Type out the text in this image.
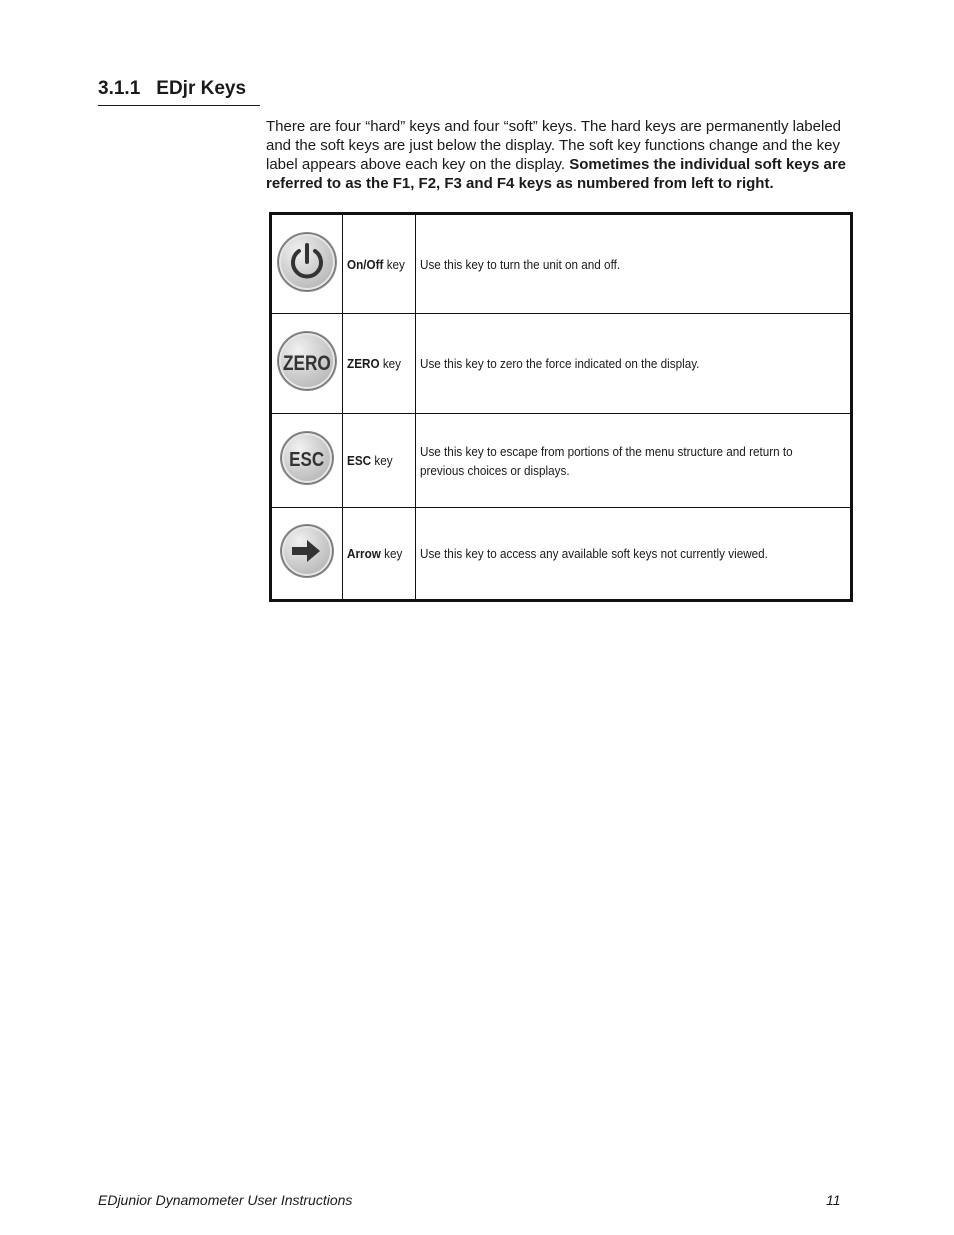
3.1.1 EDjr Keys
There are four “hard” keys and four “soft” keys. The hard keys are permanently labeled and the soft keys are just below the display. The soft key functions change and the key label appears above each key on the display. Sometimes the individual soft keys are referred to as the F1, F2, F3 and F4 keys as numbered from left to right.
	On/Off key	Use this key to turn the unit on and off.

ZERO	ZERO key	Use this key to zero the force indicated on the display.

ESC	ESC key	Use this key to escape from portions of the menu structure and return to previous choices or displays.

	Arrow key	Use this key to access any available soft keys not currently viewed.
EDjunior Dynamometer User Instructions	11
